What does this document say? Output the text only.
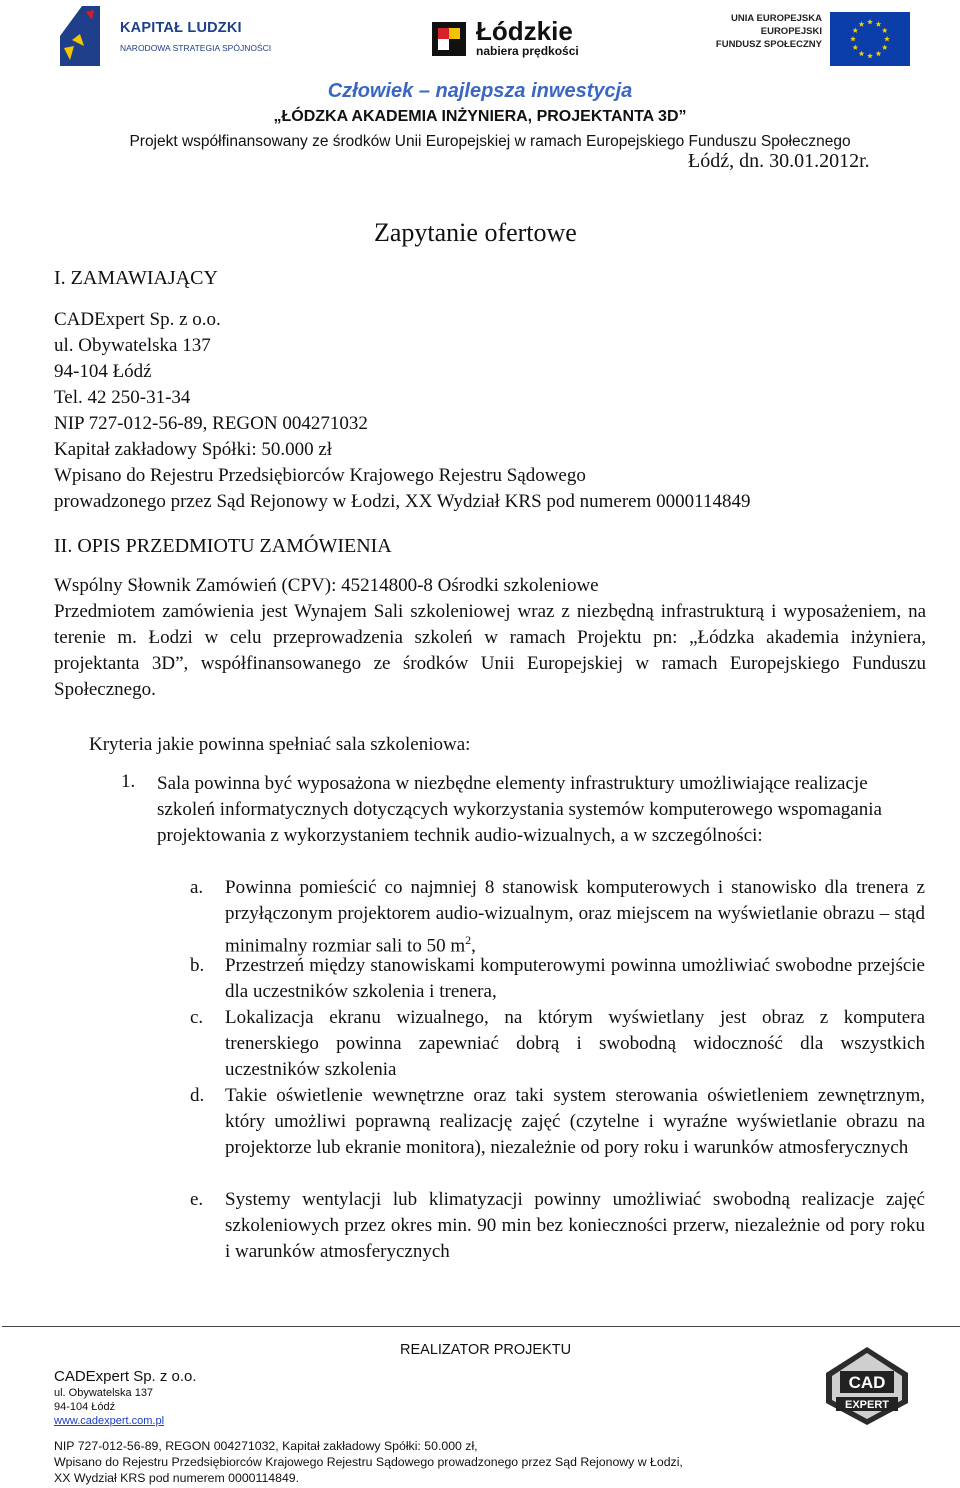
KAPITAŁ LUDZKI
NARODOWA STRATEGIA SPÓJNOŚCI
Łódzkie
nabiera prędkości
UNIA EUROPEJSKA
EUROPEJSKI
FUNDUSZ SPOŁECZNY
Człowiek – najlepsza inwestycja
„ŁÓDZKA AKADEMIA INŻYNIERA, PROJEKTANTA 3D”
Projekt współfinansowany ze środków Unii Europejskiej w ramach Europejskiego Funduszu Społecznego
Łódź, dn. 30.01.2012r.
Zapytanie ofertowe
I. ZAMAWIAJĄCY
CADExpert Sp. z o.o.
ul. Obywatelska 137
94-104 Łódź
Tel. 42 250-31-34
NIP 727-012-56-89, REGON 004271032
Kapitał zakładowy Spółki: 50.000 zł
Wpisano do Rejestru Przedsiębiorców Krajowego Rejestru Sądowego
prowadzonego przez Sąd Rejonowy w Łodzi, XX Wydział KRS pod numerem 0000114849
II. OPIS PRZEDMIOTU ZAMÓWIENIA
Wspólny Słownik Zamówień (CPV): 45214800-8 Ośrodki szkoleniowe
Przedmiotem zamówienia jest Wynajem Sali szkoleniowej wraz z niezbędną infrastrukturą i wyposażeniem, na terenie m. Łodzi w celu przeprowadzenia szkoleń w ramach Projektu pn: „Łódzka akademia inżyniera, projektanta 3D”, współfinansowanego ze środków Unii Europejskiej w ramach Europejskiego Funduszu Społecznego.
Kryteria jakie powinna spełniać sala szkoleniowa:
1. Sala powinna być wyposażona w niezbędne elementy infrastruktury umożliwiające realizacje szkoleń informatycznych dotyczących wykorzystania systemów komputerowego wspomagania projektowania z wykorzystaniem technik audio-wizualnych, a w szczególności:
a. Powinna pomieścić co najmniej 8 stanowisk komputerowych i stanowisko dla trenera z przyłączonym projektorem audio-wizualnym, oraz miejscem na wyświetlanie obrazu – stąd minimalny rozmiar sali to 50 $m^2$,
b. Przestrzeń między stanowiskami komputerowymi powinna umożliwiać swobodne przejście dla uczestników szkolenia i trenera,
c. Lokalizacja ekranu wizualnego, na którym wyświetlany jest obraz z komputera trenerskiego powinna zapewniać dobrą i swobodną widoczność dla wszystkich uczestników szkolenia
d. Takie oświetlenie wewnętrzne oraz taki system sterowania oświetleniem zewnętrznym, który umożliwi poprawną realizację zajęć (czytelne i wyraźne wyświetlanie obrazu na projektorze lub ekranie monitora), niezależnie od pory roku i warunków atmosferycznych
e. Systemy wentylacji lub klimatyzacji powinny umożliwiać swobodną realizacje zajęć szkoleniowych przez okres min. 90 min bez konieczności przerw, niezależnie od pory roku i warunków atmosferycznych
REALIZATOR PROJEKTU
CADExpert Sp. z o.o.
ul. Obywatelska 137
94-104 Łódź
www.cadexpert.com.pl
NIP 727-012-56-89, REGON 004271032, Kapitał zakładowy Spółki: 50.000 zł,
Wpisano do Rejestru Przedsiębiorców Krajowego Rejestru Sądowego prowadzonego przez Sąd Rejonowy w Łodzi,
XX Wydział KRS pod numerem 0000114849.
CAD
EXPERT
